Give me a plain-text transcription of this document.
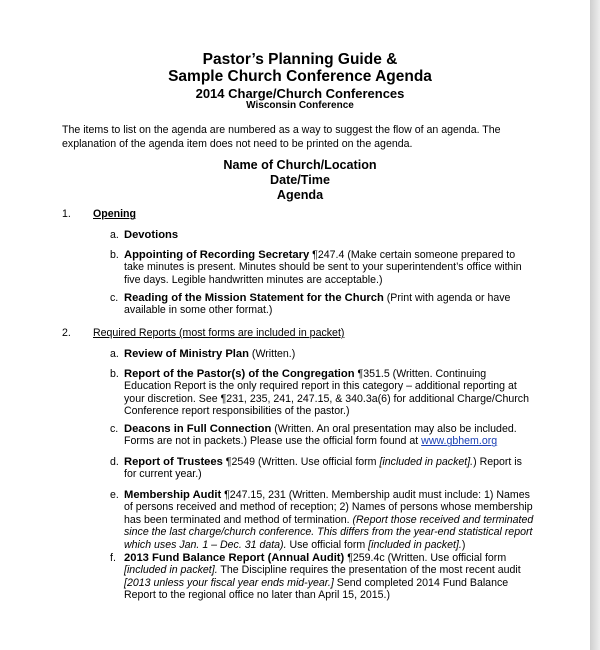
Pastor’s Planning Guide &
Sample Church Conference Agenda
2014 Charge/Church Conferences
Wisconsin Conference

The items to list on the agenda are numbered as a way to suggest the flow of an agenda. The explanation of the agenda item does not need to be printed on the agenda.

Name of Church/Location

Date/Time

Agenda

1. Opening
a. Devotions
b. Appointing of Recording Secretary ¶247.4 (Make certain someone prepared to take minutes is present. Minutes should be sent to your superintendent’s office within five days. Legible handwritten minutes are acceptable.)
c. Reading of the Mission Statement for the Church (Print with agenda or have available in some other format.)
2. Required Reports (most forms are included in packet)
a. Review of Ministry Plan (Written.)
b. Report of the Pastor(s) of the Congregation ¶351.5 (Written. Continuing Education Report is the only required report in this category – additional reporting at your discretion. See ¶231, 235, 241, 247.15, & 340.3a(6) for additional Charge/Church Conference report responsibilities of the pastor.)
c. Deacons in Full Connection (Written. An oral presentation may also be included. Forms are not in packets.) Please use the official form found at www.gbhem.org
d. Report of Trustees ¶2549 (Written. Use official form [included in packet].) Report is for current year.)
e. Membership Audit ¶247.15, 231 (Written. Membership audit must include: 1) Names of persons received and method of reception; 2) Names of persons whose membership has been terminated and method of termination. (Report those received and terminated since the last charge/church conference. This differs from the year-end statistical report which uses Jan. 1 – Dec. 31 data). Use official form [included in packet].)
f. 2013 Fund Balance Report (Annual Audit) ¶259.4c (Written. Use official form [included in packet]. The Discipline requires the presentation of the most recent audit [2013 unless your fiscal year ends mid-year.] Send completed 2014 Fund Balance Report to the regional office no later than April 15, 2015.)
